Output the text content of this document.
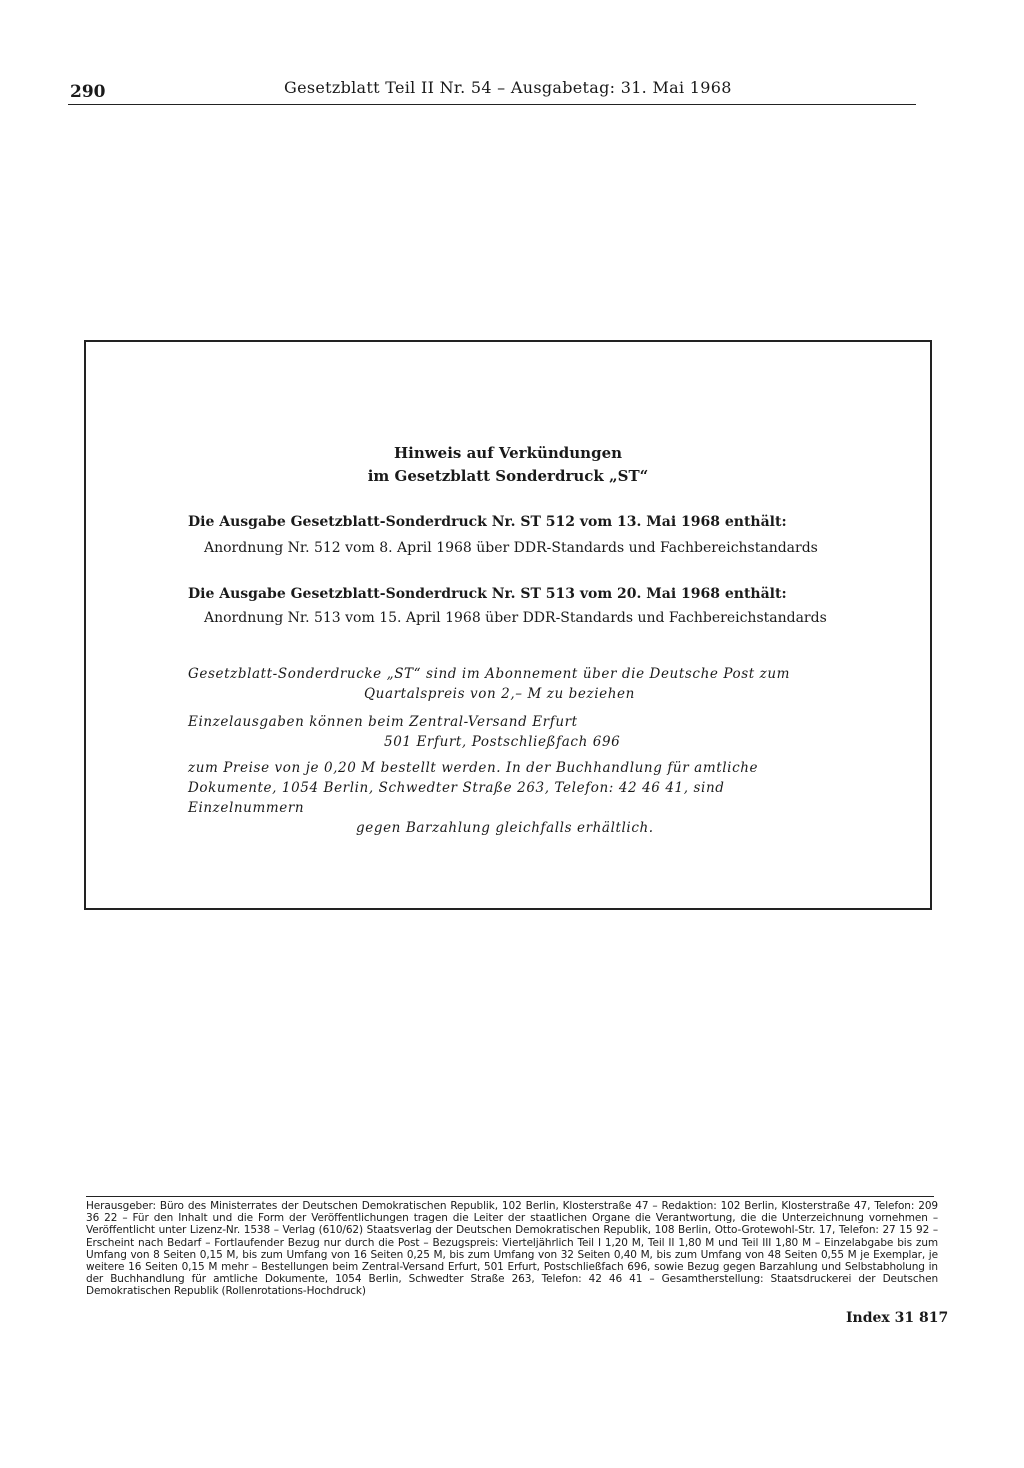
290	Gesetzblatt Teil II Nr. 54 – Ausgabetag: 31. Mai 1968
Hinweis auf Verkündungen
im Gesetzblatt Sonderdruck „ST“
Die Ausgabe Gesetzblatt-Sonderdruck Nr. ST 512 vom 13. Mai 1968 enthält:
Anordnung Nr. 512 vom 8. April 1968 über DDR-Standards und Fachbereichstandards
Die Ausgabe Gesetzblatt-Sonderdruck Nr. ST 513 vom 20. Mai 1968 enthält:
Anordnung Nr. 513 vom 15. April 1968 über DDR-Standards und Fachbereichstandards
Gesetzblatt-Sonderdrucke „ST“ sind im Abonnement über die Deutsche Post zum
Quartalspreis von 2,– M zu beziehen
Einzelausgaben können beim Zentral-Versand Erfurt
501 Erfurt, Postschließfach 696
zum Preise von je 0,20 M bestellt werden. In der Buchhandlung für amtliche
Dokumente, 1054 Berlin, Schwedter Straße 263, Telefon: 42 46 41, sind Einzelnummern
gegen Barzahlung gleichfalls erhältlich.
Herausgeber: Büro des Ministerrates der Deutschen Demokratischen Republik, 102 Berlin, Klosterstraße 47 – Redaktion: 102 Berlin, Klosterstraße 47, Telefon: 209 36 22 – Für den Inhalt und die Form der Veröffentlichungen tragen die Leiter der staatlichen Organe die Verantwortung, die die Unterzeichnung vornehmen – Veröffentlicht unter Lizenz-Nr. 1538 – Verlag (610/62) Staatsverlag der Deutschen Demokratischen Republik, 108 Berlin, Otto-Grotewohl-Str. 17, Telefon: 27 15 92 – Erscheint nach Bedarf – Fortlaufender Bezug nur durch die Post – Bezugspreis: Vierteljährlich Teil I 1,20 M, Teil II 1,80 M und Teil III 1,80 M – Einzelabgabe bis zum Umfang von 8 Seiten 0,15 M, bis zum Umfang von 16 Seiten 0,25 M, bis zum Umfang von 32 Seiten 0,40 M, bis zum Umfang von 48 Seiten 0,55 M je Exemplar, je weitere 16 Seiten 0,15 M mehr – Bestellungen beim Zentral-Versand Erfurt, 501 Erfurt, Postschließfach 696, sowie Bezug gegen Barzahlung und Selbstabholung in der Buchhandlung für amtliche Dokumente, 1054 Berlin, Schwedter Straße 263, Telefon: 42 46 41 – Gesamtherstellung: Staatsdruckerei der Deutschen Demokratischen Republik (Rollenrotations-Hochdruck)
Index 31 817
